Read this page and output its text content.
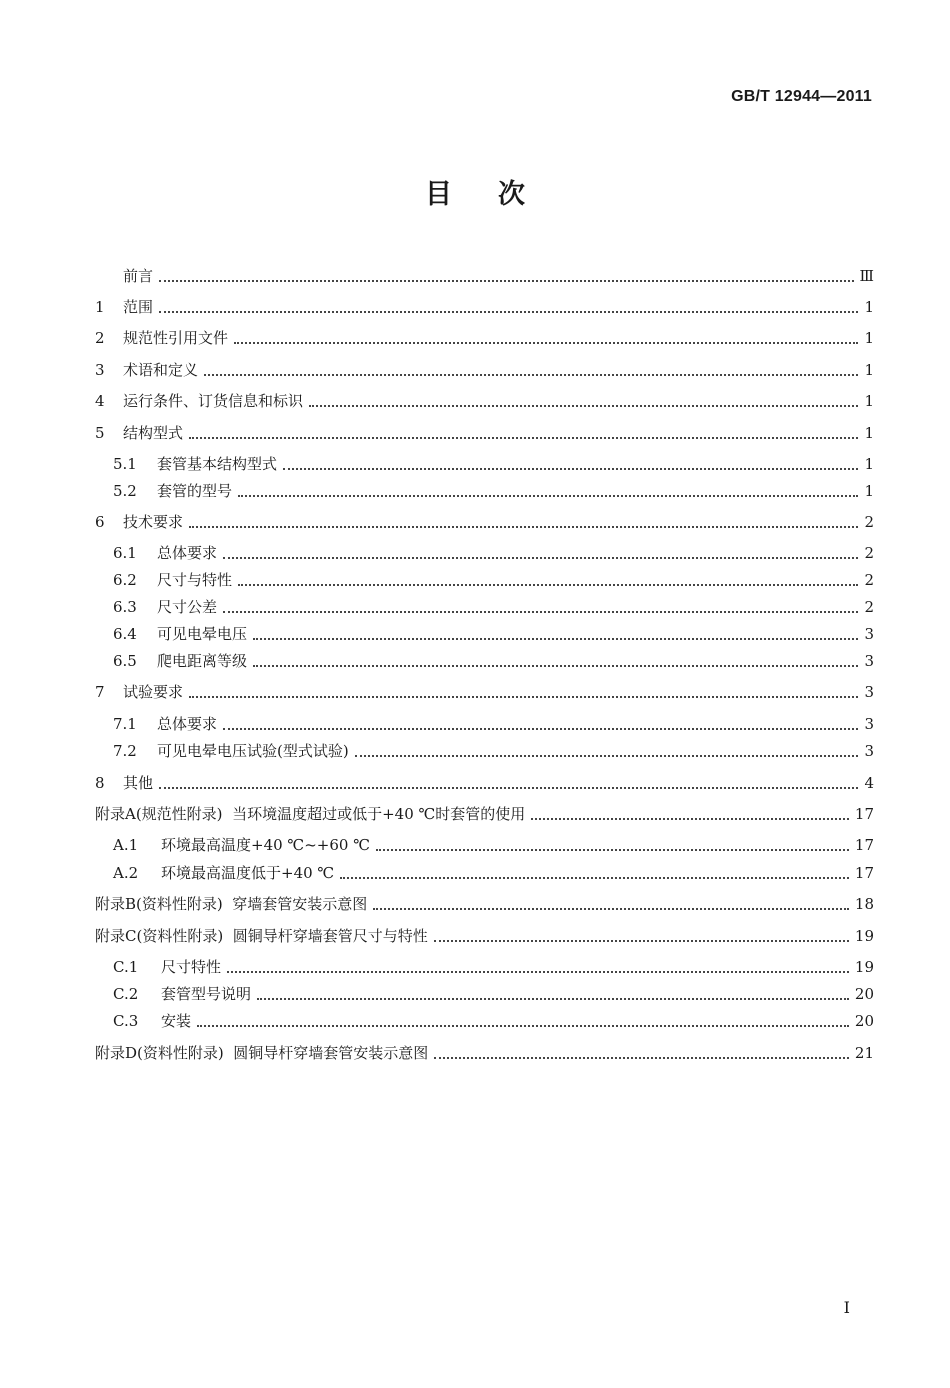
GB/T 12944—2011
目次
前言	Ⅲ
1	范围	1
2	规范性引用文件	1
3	术语和定义	1
4	运行条件、订货信息和标识	1
5	结构型式	1
5.1	套管基本结构型式	1
5.2	套管的型号	1
6	技术要求	2
6.1	总体要求	2
6.2	尺寸与特性	2
6.3	尺寸公差	2
6.4	可见电晕电压	3
6.5	爬电距离等级	3
7	试验要求	3
7.1	总体要求	3
7.2	可见电晕电压试验(型式试验)	3
8	其他	4
附录A(规范性附录) 当环境温度超过或低于+40 ℃时套管的使用	17
A.1	环境最高温度+40 ℃~+60 ℃	17
A.2	环境最高温度低于+40 ℃	17
附录B(资料性附录) 穿墙套管安装示意图	18
附录C(资料性附录) 圆铜导杆穿墙套管尺寸与特性	19
C.1	尺寸特性	19
C.2	套管型号说明	20
C.3	安装	20
附录D(资料性附录) 圆铜导杆穿墙套管安装示意图	21
I
